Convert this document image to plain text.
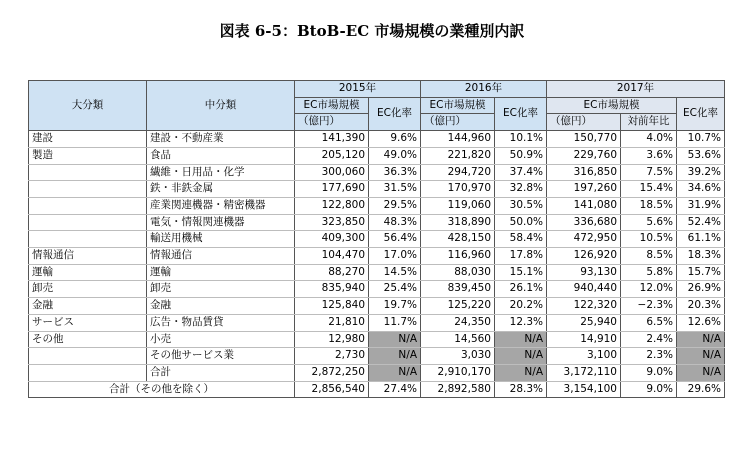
図表 6-5：BtoB-EC 市場規模の業種別内訳
大分類	中分類	2015年		2016年		2017年		
		EC市場規模	EC化率	EC市場規模	EC化率	EC市場規模		EC化率
		（億円）		（億円）		（億円）	対前年比	
建設	建設・不動産業	141,390	9.6%	144,960	10.1%	150,770	4.0%	10.7%
製造	食品	205,120	49.0%	221,820	50.9%	229,760	3.6%	53.6%
	繊維・日用品・化学	300,060	36.3%	294,720	37.4%	316,850	7.5%	39.2%
	鉄・非鉄金属	177,690	31.5%	170,970	32.8%	197,260	15.4%	34.6%
	産業関連機器・精密機器	122,800	29.5%	119,060	30.5%	141,080	18.5%	31.9%
	電気・情報関連機器	323,850	48.3%	318,890	50.0%	336,680	5.6%	52.4%
	輸送用機械	409,300	56.4%	428,150	58.4%	472,950	10.5%	61.1%
情報通信	情報通信	104,470	17.0%	116,960	17.8%	126,920	8.5%	18.3%
運輸	運輸	88,270	14.5%	88,030	15.1%	93,130	5.8%	15.7%
卸売	卸売	835,940	25.4%	839,450	26.1%	940,440	12.0%	26.9%
金融	金融	125,840	19.7%	125,220	20.2%	122,320	−2.3%	20.3%
サービス	広告・物品賃貸	21,810	11.7%	24,350	12.3%	25,940	6.5%	12.6%
その他	小売	12,980	N/A	14,560	N/A	14,910	2.4%	N/A
	その他サービス業	2,730	N/A	3,030	N/A	3,100	2.3%	N/A
	合計	2,872,250	N/A	2,910,170	N/A	3,172,110	9.0%	N/A
合計（その他を除く）		2,856,540	27.4%	2,892,580	28.3%	3,154,100	9.0%	29.6%
